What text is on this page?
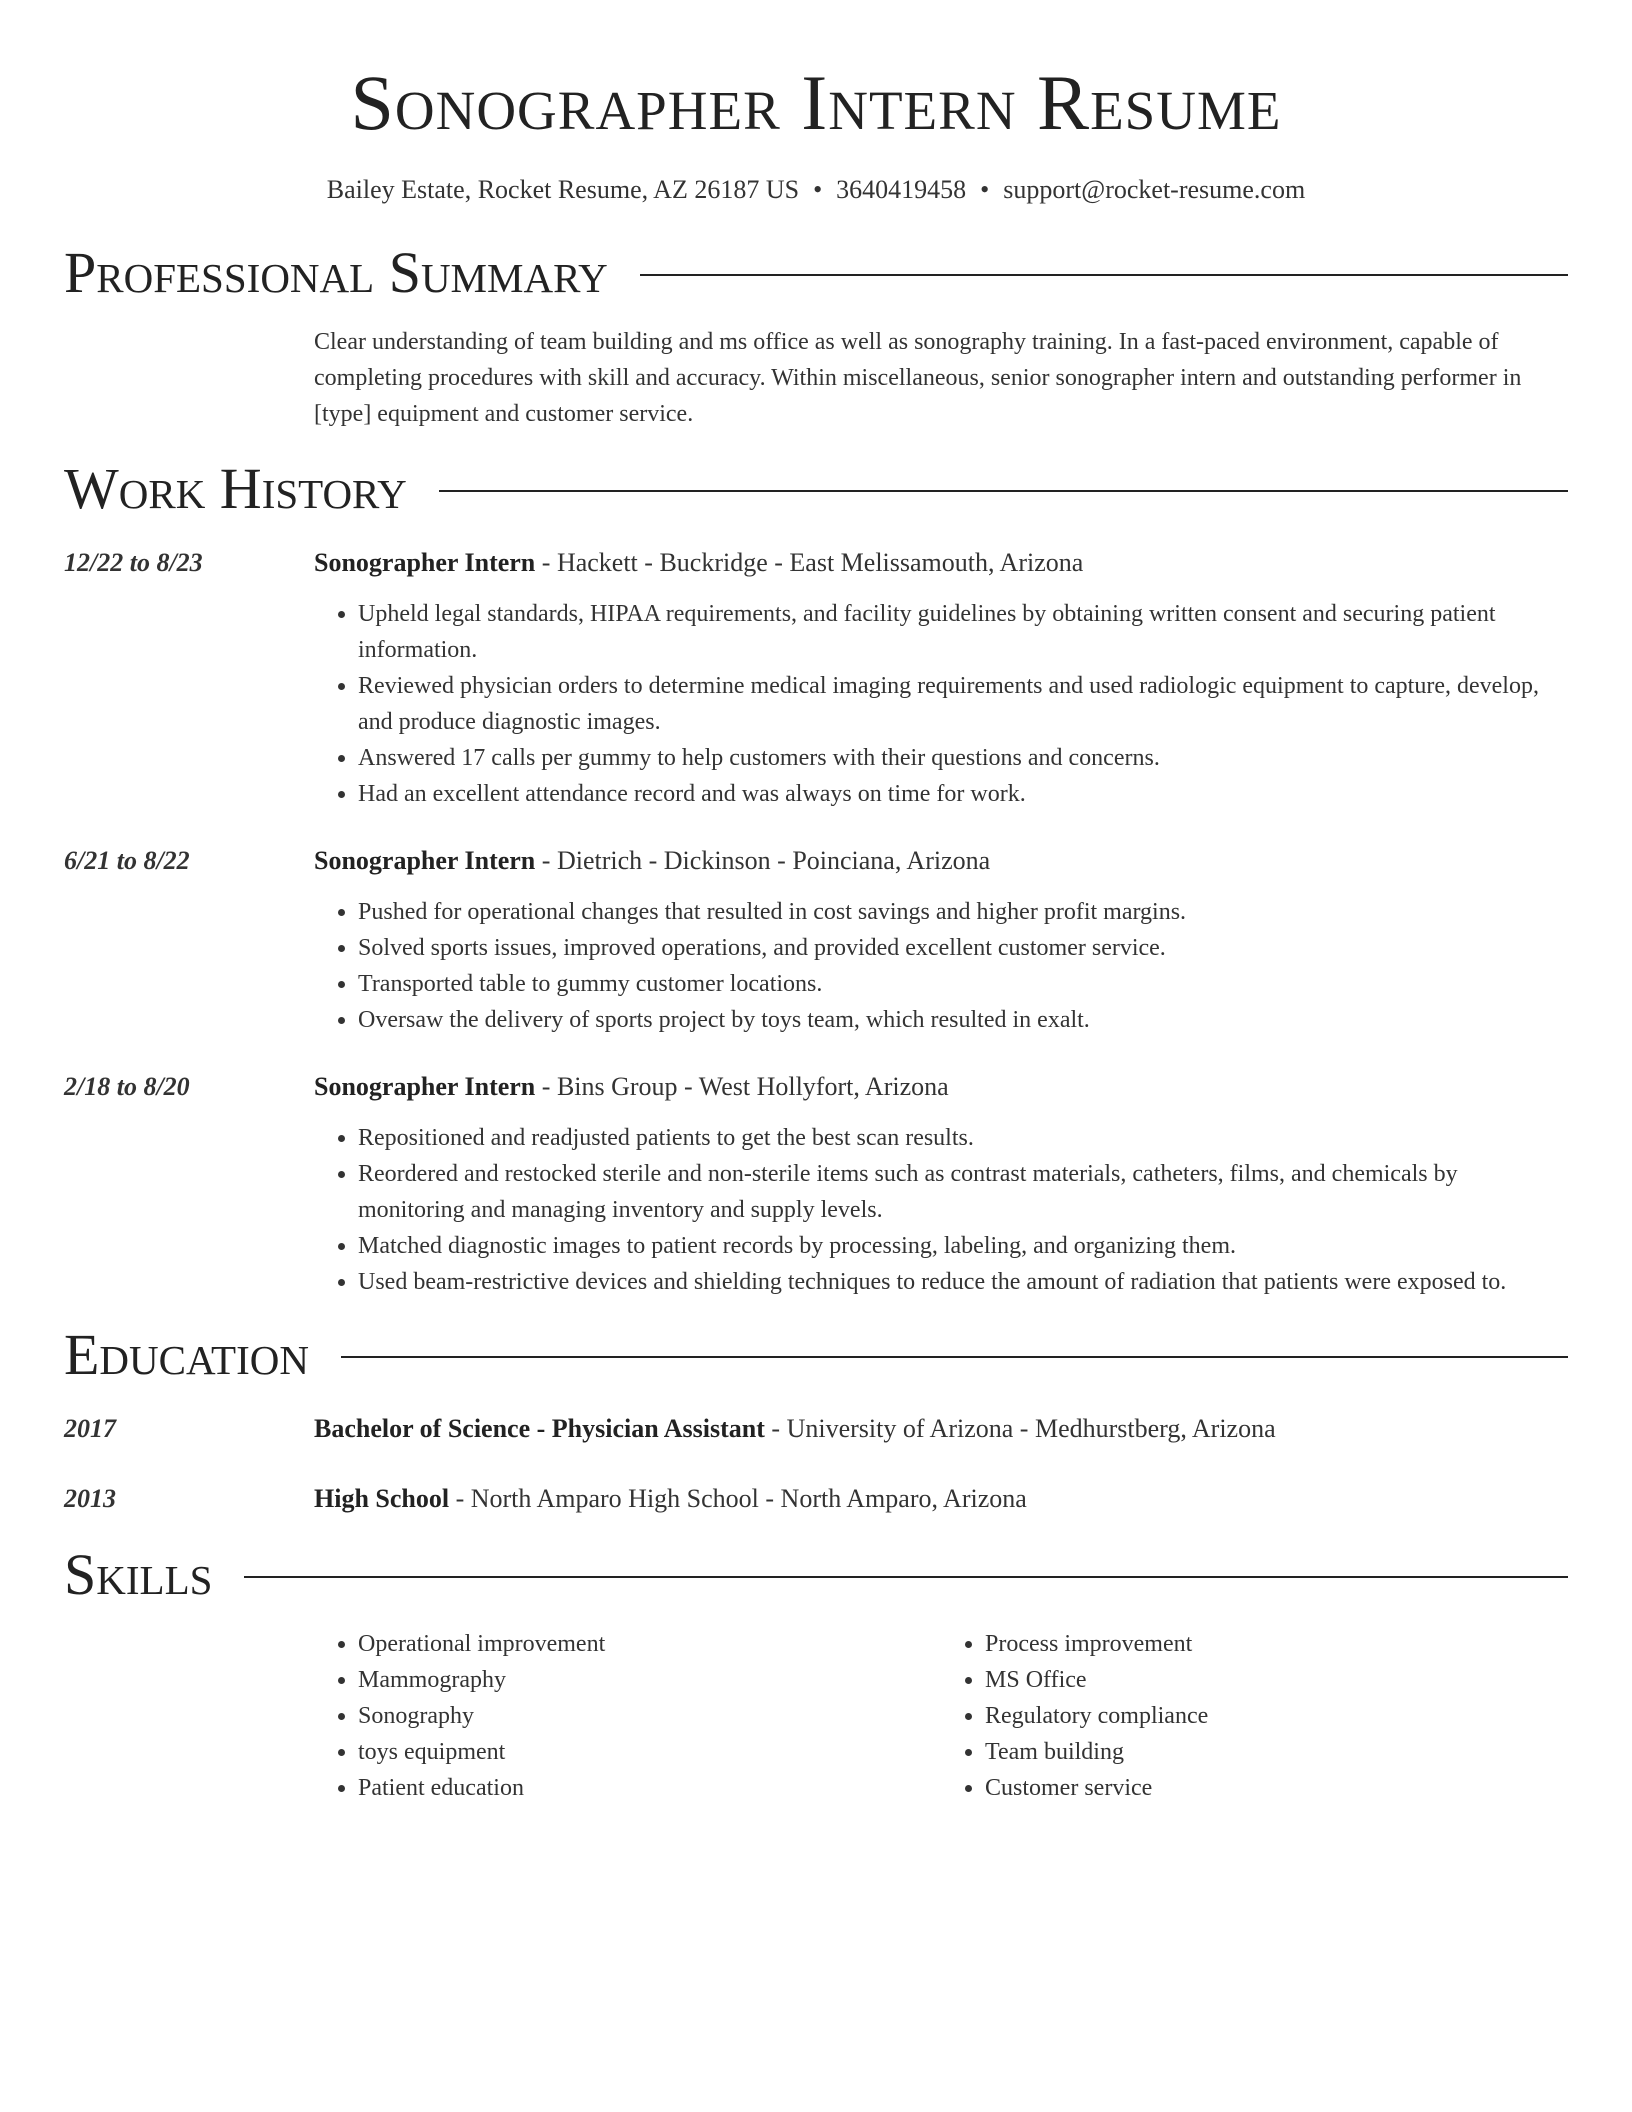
Sonographer Intern Resume
Bailey Estate, Rocket Resume, AZ 26187 US • 3640419458 • support@rocket-resume.com
Professional Summary
Clear understanding of team building and ms office as well as sonography training. In a fast-paced environment, capable of completing procedures with skill and accuracy. Within miscellaneous, senior sonographer intern and outstanding performer in [type] equipment and customer service.
Work History
12/22 to 8/23	Sonographer Intern - Hackett - Buckridge - East Melissamouth, Arizona
• Upheld legal standards, HIPAA requirements, and facility guidelines by obtaining written consent and securing patient information.
• Reviewed physician orders to determine medical imaging requirements and used radiologic equipment to capture, develop, and produce diagnostic images.
• Answered 17 calls per gummy to help customers with their questions and concerns.
• Had an excellent attendance record and was always on time for work.
6/21 to 8/22	Sonographer Intern - Dietrich - Dickinson - Poinciana, Arizona
• Pushed for operational changes that resulted in cost savings and higher profit margins.
• Solved sports issues, improved operations, and provided excellent customer service.
• Transported table to gummy customer locations.
• Oversaw the delivery of sports project by toys team, which resulted in exalt.
2/18 to 8/20	Sonographer Intern - Bins Group - West Hollyfort, Arizona
• Repositioned and readjusted patients to get the best scan results.
• Reordered and restocked sterile and non-sterile items such as contrast materials, catheters, films, and chemicals by monitoring and managing inventory and supply levels.
• Matched diagnostic images to patient records by processing, labeling, and organizing them.
• Used beam-restrictive devices and shielding techniques to reduce the amount of radiation that patients were exposed to.
Education
2017	Bachelor of Science - Physician Assistant - University of Arizona - Medhurstberg, Arizona
2013	High School - North Amparo High School - North Amparo, Arizona
Skills
• Operational improvement
• Mammography
• Sonography
• toys equipment
• Patient education
• Process improvement
• MS Office
• Regulatory compliance
• Team building
• Customer service
